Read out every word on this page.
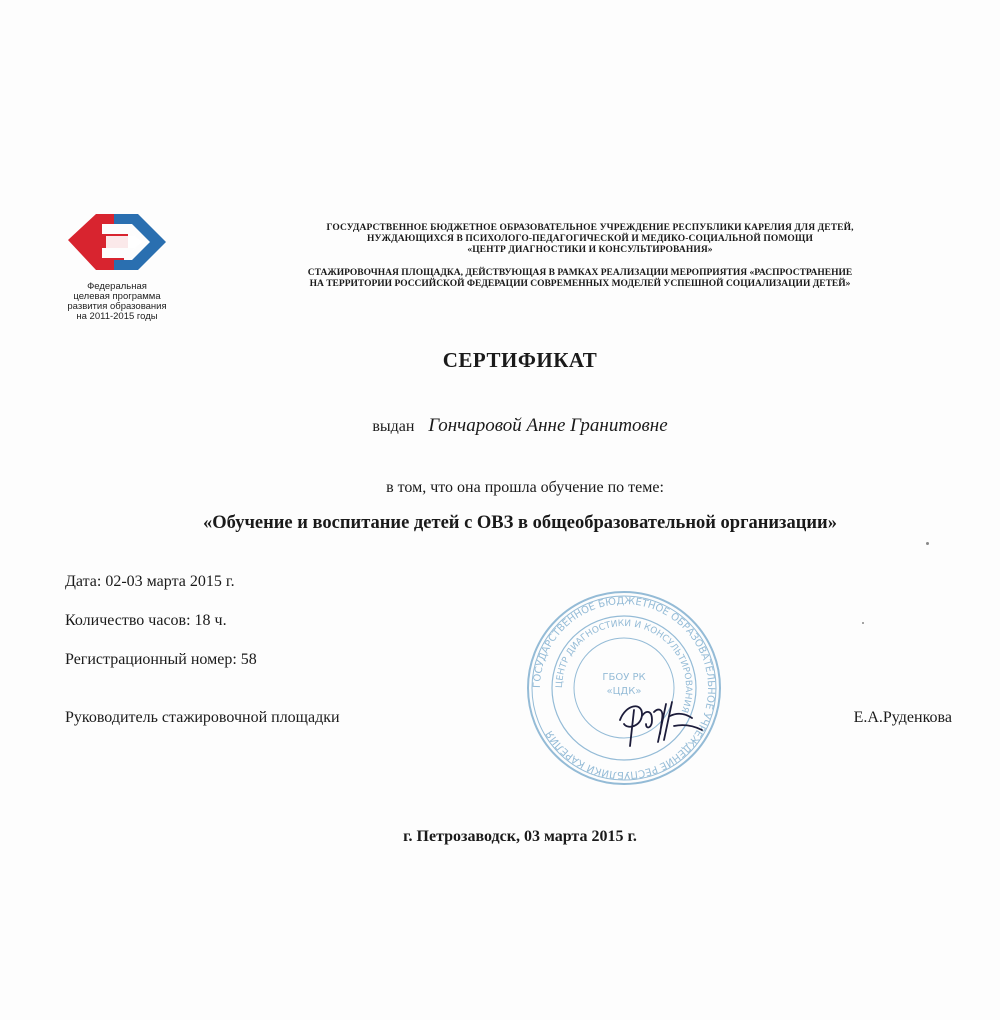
Федеральная
целевая программа
развития образования
на 2011-2015 годы
ГОСУДАРСТВЕННОЕ БЮДЖЕТНОЕ ОБРАЗОВАТЕЛЬНОЕ УЧРЕЖДЕНИЕ РЕСПУБЛИКИ КАРЕЛИЯ ДЛЯ ДЕТЕЙ,
НУЖДАЮЩИХСЯ В ПСИХОЛОГО-ПЕДАГОГИЧЕСКОЙ И МЕДИКО-СОЦИАЛЬНОЙ ПОМОЩИ
«ЦЕНТР ДИАГНОСТИКИ И КОНСУЛЬТИРОВАНИЯ»
СТАЖИРОВОЧНАЯ ПЛОЩАДКА, ДЕЙСТВУЮЩАЯ В РАМКАХ РЕАЛИЗАЦИИ МЕРОПРИЯТИЯ «РАСПРОСТРАНЕНИЕ
НА ТЕРРИТОРИИ РОССИЙСКОЙ ФЕДЕРАЦИИ СОВРЕМЕННЫХ МОДЕЛЕЙ УСПЕШНОЙ СОЦИАЛИЗАЦИИ ДЕТЕЙ»
СЕРТИФИКАТ
выдан Гончаровой Анне Гранитовне
в том, что она прошла обучение по теме:
«Обучение и воспитание детей с ОВЗ в общеобразовательной организации»
Дата: 02-03 марта 2015 г.
Количество часов: 18 ч.
Регистрационный номер: 58
ГОСУДАРСТВЕННОЕ БЮДЖЕТНОЕ ОБРАЗОВАТЕЛЬНОЕ УЧРЕЖДЕНИЕ РЕСПУБЛИКИ КАРЕЛИЯ
ЦЕНТР ДИАГНОСТИКИ И КОНСУЛЬТИРОВАНИЯ
ГБОУ РК
«ЦДК»
Руководитель стажировочной площадки	Е.А.Руденкова
г. Петрозаводск, 03 марта 2015 г.
